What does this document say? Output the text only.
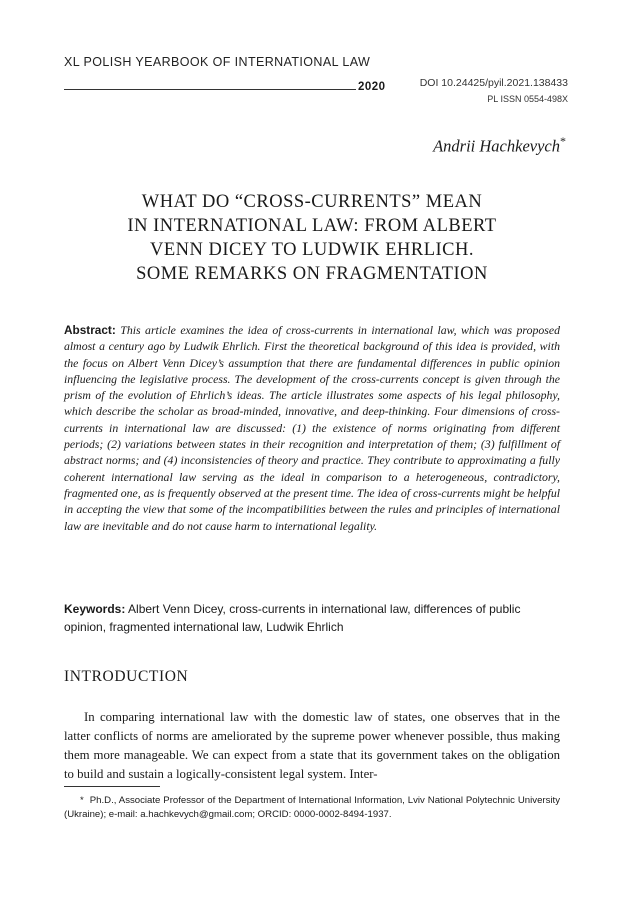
XL POLISH YEARBOOK OF INTERNATIONAL LAW
2020	DOI 10.24425/pyil.2021.138433
PL ISSN 0554-498X
Andrii Hachkevych*
WHAT DO “CROSS-CURRENTS” MEAN
IN INTERNATIONAL LAW: FROM ALBERT
VENN DICEY TO LUDWIK EHRLICH.
SOME REMARKS ON FRAGMENTATION
Abstract: This article examines the idea of cross-currents in international law, which was proposed almost a century ago by Ludwik Ehrlich. First the theoretical background of this idea is provided, with the focus on Albert Venn Dicey’s assumption that there are fundamental differences in public opinion influencing the legislative process. The development of the cross-currents concept is given through the prism of the evolution of Ehrlich’s ideas. The article illustrates some aspects of his legal philosophy, which describe the scholar as broad-minded, innovative, and deep-thinking. Four dimensions of cross-currents in international law are discussed: (1) the existence of norms originating from different periods; (2) variations between states in their recognition and interpretation of them; (3) fulfillment of abstract norms; and (4) inconsistencies of theory and practice. They contribute to approximating a fully coherent international law serving as the ideal in comparison to a heterogeneous, contradictory, fragmented one, as is frequently observed at the present time. The idea of cross-currents might be helpful in accepting the view that some of the incompatibilities between the rules and principles of international law are inevitable and do not cause harm to international legality.
Keywords: Albert Venn Dicey, cross-currents in international law, differences of public opinion, fragmented international law, Ludwik Ehrlich
INTRODUCTION
In comparing international law with the domestic law of states, one observes that in the latter conflicts of norms are ameliorated by the supreme power whenever possible, thus making them more manageable. We can expect from a state that its government takes on the obligation to build and sustain a logically-consistent legal system. Inter-
* Ph.D., Associate Professor of the Department of International Information, Lviv National Polytechnic University (Ukraine); e-mail: a.hachkevych@gmail.com; ORCID: 0000-0002-8494-1937.
